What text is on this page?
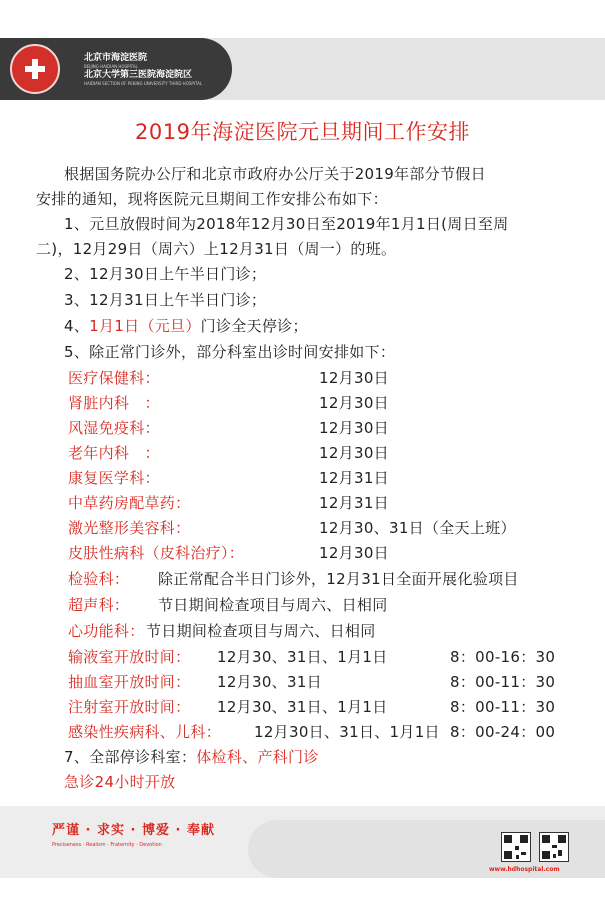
北京市海淀医院
BEIJING HAIDIAN HOSPITAL
北京大学第三医院海淀院区
HAIDIAN SECTION OF PEKING UNIVERSITY THIRD HOSPITAL
2019年海淀医院元旦期间工作安排
根据国务院办公厅和北京市政府办公厅关于2019年部分节假日
安排的通知，现将医院元旦期间工作安排公布如下：
1、元旦放假时间为2018年12月30日至2019年1月1日(周日至周
二)，12月29日（周六）上12月31日（周一）的班。
2、12月30日上午半日门诊；
3、12月31日上午半日门诊；
4、1月1日（元旦）门诊全天停诊；
5、除正常门诊外，部分科室出诊时间安排如下：
医疗保健科：	12月30日
肾脏内科　：	12月30日
风湿免疫科：	12月30日
老年内科　：	12月30日
康复医学科：	12月31日
中草药房配草药：	12月31日
激光整形美容科：	12月30、31日（全天上班）
皮肤性病科（皮科治疗）：	12月30日
检验科： 除正常配合半日门诊外，12月31日全面开展化验项目
超声科： 节日期间检查项目与周六、日相同
心功能科： 节日期间检查项目与周六、日相同
输液室开放时间： 12月30、31日、1月1日	8：00-16：30
抽血室开放时间： 12月30、31日	8：00-11：30
注射室开放时间： 12月30、31日、1月1日	8：00-11：30
感染性疾病科、儿科： 12月30日、31日、1月1日 8：00-24：00
7、全部停诊科室：体检科、产科门诊
急诊24小时开放
严谨 · 求实 · 博爱 · 奉献
Preciseness · Realism · Fraternity · Devotion
www.hdhospital.com
